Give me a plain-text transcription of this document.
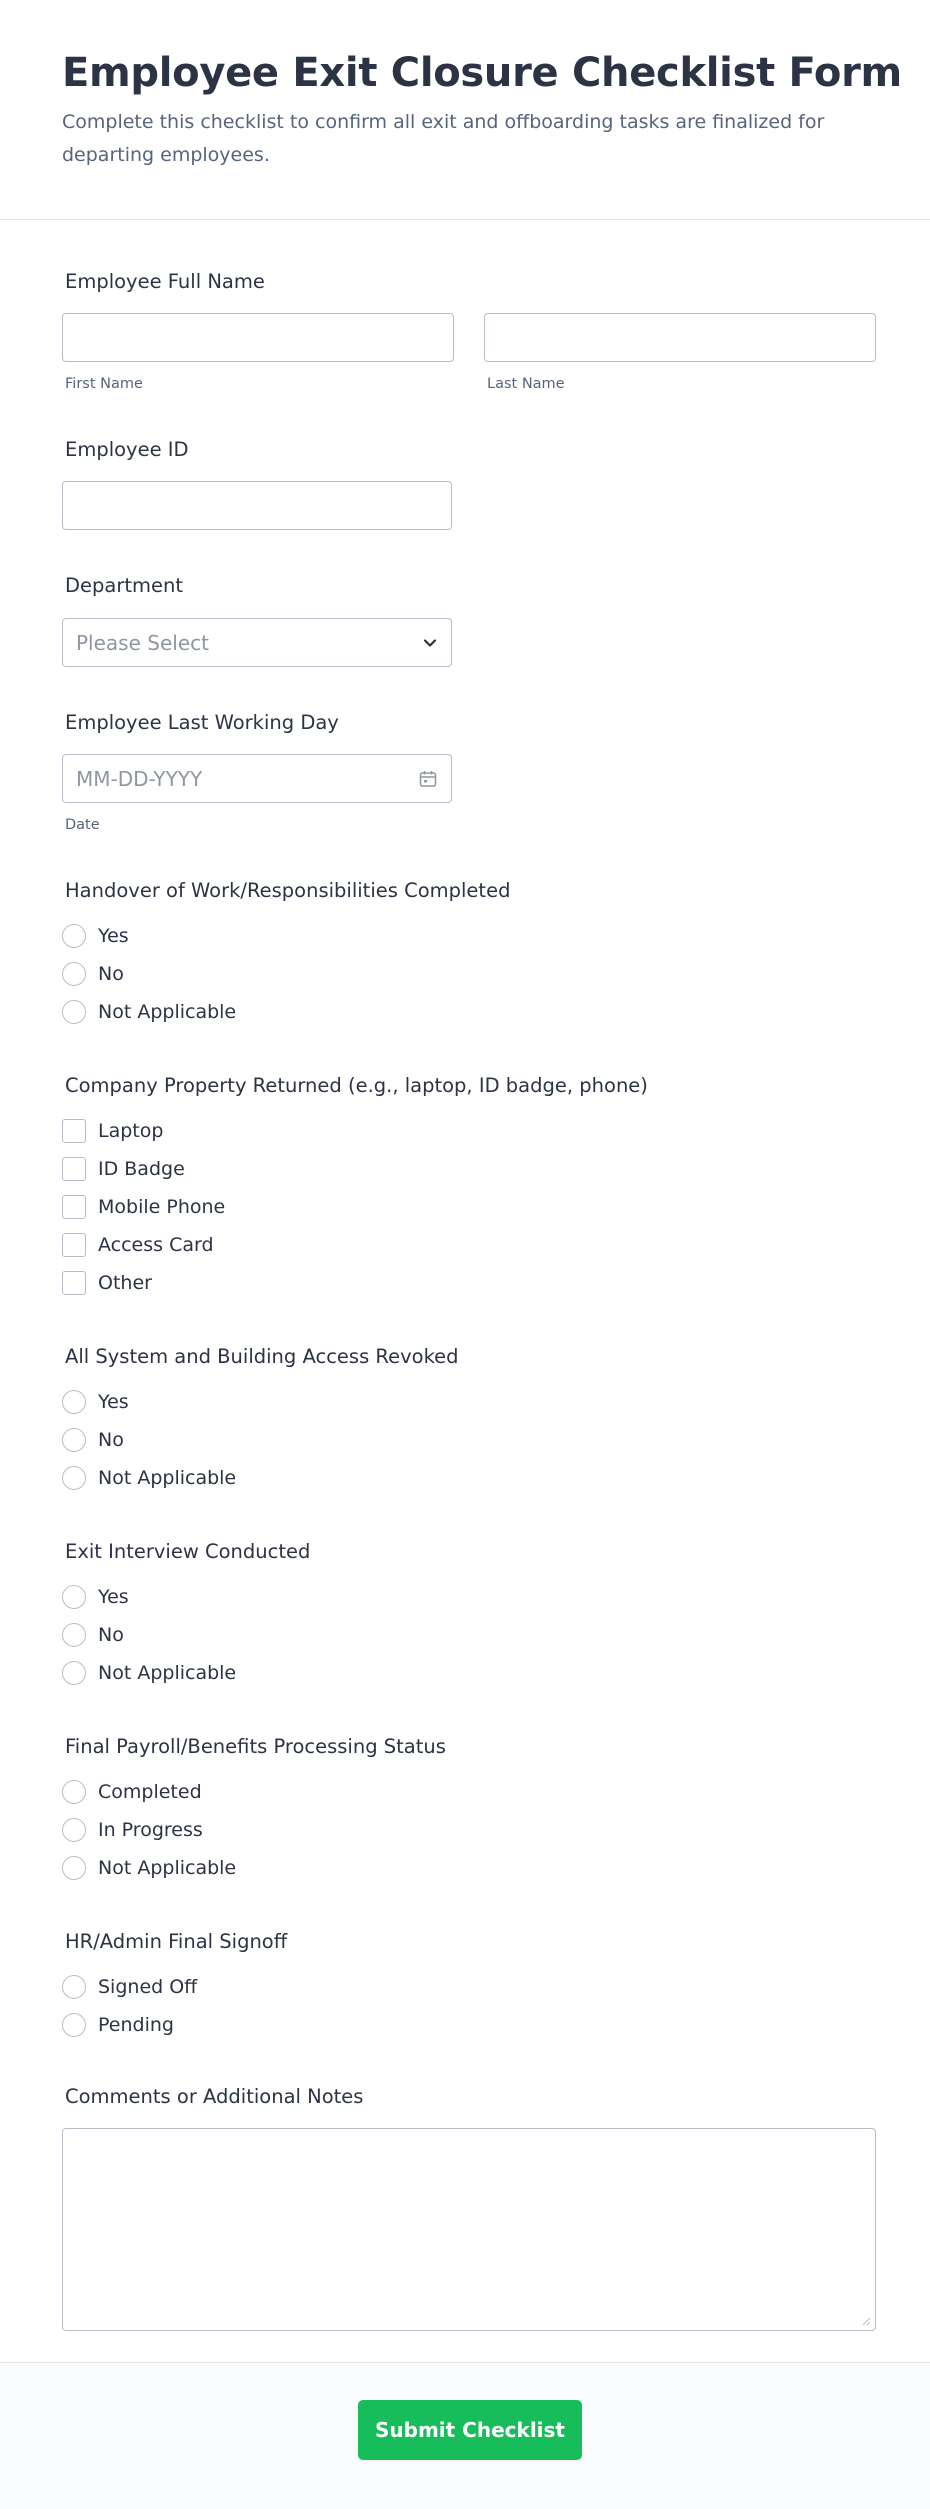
Employee Exit Closure Checklist Form

Complete this checklist to confirm all exit and offboarding tasks are finalized for departing employees.

Employee Full Name
First Name	Last Name
Employee ID
Department
Please Select
Employee Last Working Day
MM-DD-YYYY
Date
Handover of Work/Responsibilities Completed
Yes
No
Not Applicable
Company Property Returned (e.g., laptop, ID badge, phone)
Laptop
ID Badge
Mobile Phone
Access Card
Other
All System and Building Access Revoked
Yes
No
Not Applicable
Exit Interview Conducted
Yes
No
Not Applicable
Final Payroll/Benefits Processing Status
Completed
In Progress
Not Applicable
HR/Admin Final Signoff
Signed Off
Pending
Comments or Additional Notes
Submit Checklist
